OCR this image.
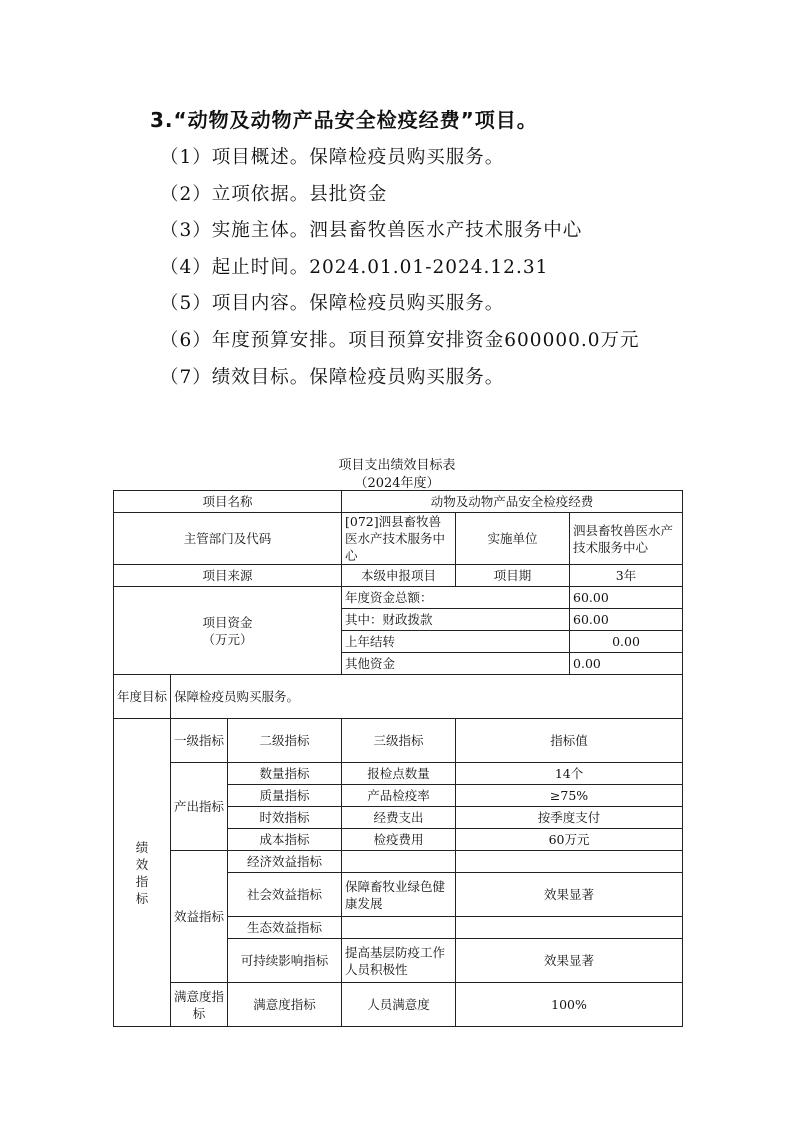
3.“动物及动物产品安全检疫经费”项目。
（1）项目概述。保障检疫员购买服务。
（2）立项依据。县批资金
（3）实施主体。泗县畜牧兽医水产技术服务中心
（4）起止时间。2024.01.01-2024.12.31
（5）项目内容。保障检疫员购买服务。
（6）年度预算安排。项目预算安排资金600000.0万元
（7）绩效目标。保障检疫员购买服务。
项目支出绩效目标表
（2024年度）
项目名称			动物及动物产品安全检疫经费		
主管部门及代码			[072]泗县畜牧兽医水产技术服务中心	实施单位	泗县畜牧兽医水产技术服务中心
项目来源			本级申报项目	项目期	3年

项目资金
（万元）			年度资金总额：		60.00
			其中：财政拨款		60.00
			上年结转		0.00
			其他资金		0.00
年度目标	保障检疫员购买服务。				

绩效指标	一级指标	二级指标	三级指标	指标值	
	产出指标	数量指标	报检点数量	14个	
		质量指标	产品检疫率	≥75%	
		时效指标	经费支出	按季度支付	
		成本指标	检疫费用	60万元	
	效益指标	经济效益指标			
		社会效益指标	保障畜牧业绿色健康发展	效果显著	
		生态效益指标			
		可持续影响指标	提高基层防疫工作人员积极性	效果显著	
	满意度指标	满意度指标	人员满意度	100%	
